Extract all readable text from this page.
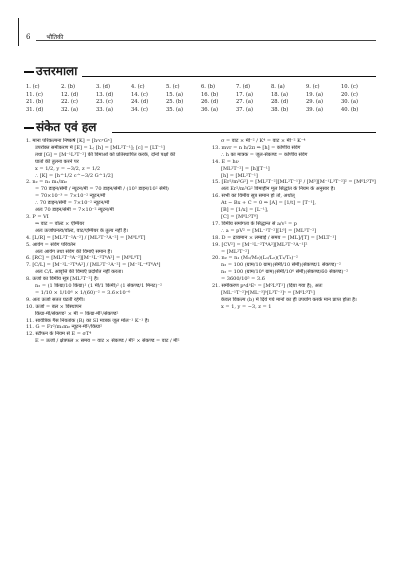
6	भौतिकी
उत्तरमाला
1. (c)	2. (b)	3. (d)	4. (c)	5. (c)	6. (b)	7. (d)	8. (a)	9. (c)	10. (c)
11. (c)	12. (d)	13. (d)	14. (c)	15. (a)	16. (b)	17. (a)	18. (a)	19. (a)	20. (c)
21. (b)	22. (c)	23. (c)	24. (d)	25. (b)	26. (d)	27. (a)	28. (d)	29. (a)	30. (a)
31. (d)	32. (a)	33. (a)	34. (c)	35. (a)	36. (a)	37. (a)	38. (b)	39. (a)	40. (b)
संकेत एवं हल
1. माना परिकल्पना निष्कर्ष [K] = [hᶻcʸGˣ]
उपरोक्त समीकरण में [E] = L; [h] = [ML²T⁻¹]; [c] = [LT⁻¹]
तथा [G] = [M⁻¹L³T⁻²] की विमाओं को प्रतिस्थापित करके, दोनों पक्षों की
घातों की तुलना करने पर
x = 1/2, y = −3/2, z = 1/2
∴ [K] = [h^1/2 c^−3/2 G^1/2]
2. n₂ = n₁ m₁/m₂
= 70 डाइन/सेमी / न्यूटन/मी = 70 डाइन/सेमी / (10⁵ डाइन/10² सेमी)
= 70×10⁻³ = 7×10⁻² न्यूटन/मी
∴ 70 डाइन/सेमी = 7×10⁻² न्यूटन/मी
अतः 70 डाइन/सेमी = 7×10⁻² न्यूटन/मी
3. P = VI
⇒ वाट = वोल्ट × ऐम्पियर
अतः ऊर्जाघनत्व/वोल्ट, वाट/एम्पियर के तुल्य नहीं है।
4. [L/R] = [ML²T⁻²A⁻²] / [ML²T⁻³A⁻²] = [M⁰L⁰T]
5. आवेग = संवेग परिवर्तन
अतः आवेग तथा संवेग की विमाएँ समान हैं।
6. [RC] = [ML²T⁻³A⁻²][M⁻¹L⁻²T⁴A²] = [M⁰L⁰T]
7. [C/L] = [M⁻¹L⁻²T⁴A²] / [ML²T⁻²A⁻²] = [M⁻²L⁻⁴T⁶A⁴]
अतः C/L आवृत्ति की विमाएँ प्रदर्शित नहीं करता।
8. ऊर्जा का विमीय सूत्र [ML²T⁻²] है।
n₂ = (1 किग्रा/10 किग्रा)¹ (1 मी/1 किमी)² (1 सेकण्ड/1 मिनट)⁻²
= 1/10 × 1/10⁶ × 1/(60)⁻² = 3.6×10⁻⁶
9. अतः ऊर्जा सतत घटती रहेगी।
10. ऊर्जा = बल × विस्थापन
किग्रा-मी/सेकण्ड² × मी = किग्रा-मी²/सेकण्ड²
11. सार्वत्रिक गैस नियतांक (R) का SI मात्रक जूल मोल⁻¹ K⁻¹ है।
11. G = Fr²/m₁m₂ न्यूटन-मी²/किग्रा²
12. स्टीफन के नियम से E = σT⁴
E = ऊर्जा / क्षेत्रफल × समय = वाट × सेकण्ड / मी² × सेकण्ड = वाट / मी²
σ = वाट × मी⁻² / K⁴ = वाट × मी⁻² K⁻⁴
13. mvr = n h/2π ⇒ [h] = कोणीय संवेग
∴ h का मात्रक = जूल-सेकण्ड = कोणीय संवेग
14. E = hν
[ML²T⁻²] = [h][T⁻¹]
[h] = [ML²T⁻¹]
15. [Er²/m⁵G²] = [ML²T⁻²][ML²T⁻¹]² / [M⁵][M⁻¹L³T⁻²]² = [M⁰L⁰T⁰]
अतः Er²/m⁵G² विमाहीन मूल सिद्धांत के नियम के अनुसार है।
16. सभी का विमीय सूत्र समान हो तो, अर्थात्
At − Bx + C = 0 ⇒ [A] = [1/t] = [T⁻¹],
[B] = [1/x] = [L⁻¹],
[C] = [M⁰L⁰T⁰]
17. विमीय समांगता के सिद्धान्त से a/v² = p
∴ a = pV² = [ML⁻¹T⁻²][L⁶] = [ML⁵T⁻²]
18. D = द्रव्यमान × लम्बाई / समय = [ML]/[T] = [MLT⁻¹]
19. [CV²] = [M⁻¹L⁻²T⁴A²][ML²T⁻³A⁻¹]²
= [ML²T⁻²]
20. n₂ = n₁ (M₁/M₂)(L₁/L₂)(T₁/T₂)⁻²
n₂ = 100 (ग्राम/10 ग्राम)(सेमी/10 सेमी)(सेकण्ड/1 सेकण्ड)⁻²
n₂ = 100 (ग्राम/10⁶ ग्राम)(सेमी/10⁶ सेमी)(सेकण्ड/60 सेकण्ड)⁻²
= 3600/10⁵ = 3.6
21. समीकरण pᵃdᵇEᶜ = [M⁰L⁰T¹] (दिया गया है), अतः
[ML⁻¹T⁻²]ᵃ[ML⁻³]ᵇ[L³T⁻¹]ᶜ = [M⁰L⁰T¹]
केवल विकल्प (b) में दिये गये मानों का ही उपयोग करके मान प्राप्त होता है।
x = 1, y = −3, z = 1
